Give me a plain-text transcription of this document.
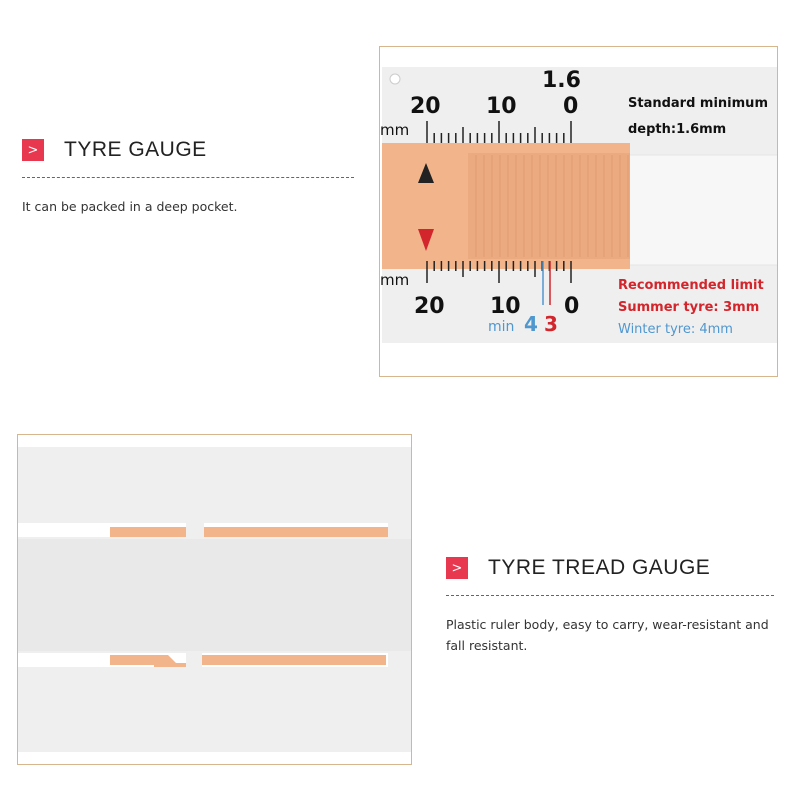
> TYRE GAUGE
It can be packed in a deep pocket.
mm
20 10 0
1.6
Standard minimum
depth:1.6mm
mm
20 10 0
min 4 3
Recommended limit
Summer tyre: 3mm
Winter tyre: 4mm
> TYRE TREAD GAUGE
Plastic ruler body, easy to carry, wear-resistant and fall resistant.
